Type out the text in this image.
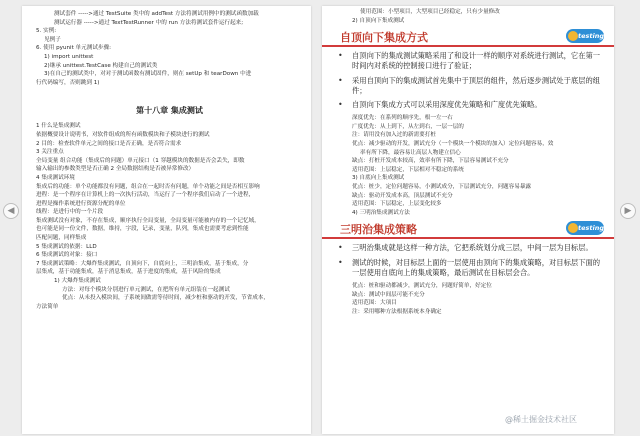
◀	▶
测试套件 ----->通过 TestSuite 类中的 addTest 方法将测试用例中的测试函数加载
测试运行器 ----->通过 TextTestRunner 中的 run 方法将测试套件运行起来;
5. 实例:
见例子
6. 使用 pyunit 单元测试步骤:
1) import unittest
2)继承 unittest.TestCase 构建自己的测试类
3)在自己的测试类中，对对于测试函数有测试固件，则在 setUp 和 tearDown 中进
行代码编写，否则跳到 1)
第十八章 集成测试
1 什么是集成测试
依据概要设计说明书，对软件组成的所有函数模块和子模块进行的测试
2 目的：检查软件单元之间的接口是否正确，是否符合需求
3 关注重点
全局变量 组合功能（集成后的问题）单元接口（1 穿越模块的数据是否会丢失，即数
输入输出的参数类型是否正确 2 全局数据结构是否被异常修改）
4 集成测试环境
集成后的功能：单个功能都没有问题，组合在一起时否有问题，单个功能之间是否相互影响
进程：是一个程序在计算机上的一次执行活动，当运行了一个程序我们启动了一个进程，
进程是操作系统进行资源分配的单位
线程：是进行中的一个片段
集成测试没有对象，不存在集成，顺序执行全局变量，全局变量可能被内存的一个记忆域，
也可能是同一份文件，数据，维持，字段，记录，变量，队列，集成也需要考虑到性能
匹配问题，同样集成
5 集成测试的依据：LLD
6 集成测试的对象：接口
7 集成测试策略：大爆炸集成测试，自顶向下，自底向上，三明治集成，基于集成，分
层集成，基于功能集成，基于消息集成，基于进度的集成，基于风险的集成
1) 大爆炸集成测试
方法：对每个模块分别进行单元测试，在把所有单元组装在一起测试
优点：从未投入模块间，子系统间做需等待时间，减少桩和驱动的开发，节省成本，
方法简单
使用范围：小型项目，大型项目已经稳定，只有少量修改
2) 自顶向下集成测试
自顶向下集成方式	testing
• 自顶向下的集成测试策略采用了和设计一样的顺序对系统进行测试，它在第一时间内对系统的控制接口进行了验证；
• 采用自顶向下的集成测试首先集中于顶层的组件，然后逐步测试处于底层的组件；
• 自顶向下集成方式可以采用深度优先策略和广度优先策略。
深度优先：在系列的顺序先，根一左一右
广度优先：从上到下，从左到右，一层一层的
注：请用没有加入过的新需要打桩
优点：减少驱动的开发，测试充分（一个模块一个模块的加入）定位问题容易，效
率有所下降，最容易让高层人物建立信心
缺点：打桩开发成本较高，效率有所下降，下层容易测试不充分
适用范围：上层稳定，下层相对不稳定的系统
3) 自底向上集成测试
优点：桩少，定位问题容易，小测试成分，下层测试充分，问题容易暴露
缺点：驱动开发成本高，顶层测试不充分
适用范围：下层稳定，上层变化较多
4) 三明治集成测试方法
三明治集成策略	testing
• 三明治集成就是这样一种方法，它把系统划分成三层，中间一层为目标层。
• 测试的时候，对目标层上面的一层使用由顶向下的集成策略，对目标层下面的一层使用自底向上的集成策略，最后测试在目标层会合。
优点：桩和驱动都减少，测试充分，问题好简单，好定位
缺点：测试中间层可能不充分
适用范围：大项目
注：采用哪种方法根据系统本身确定
@稀土掘金技术社区
